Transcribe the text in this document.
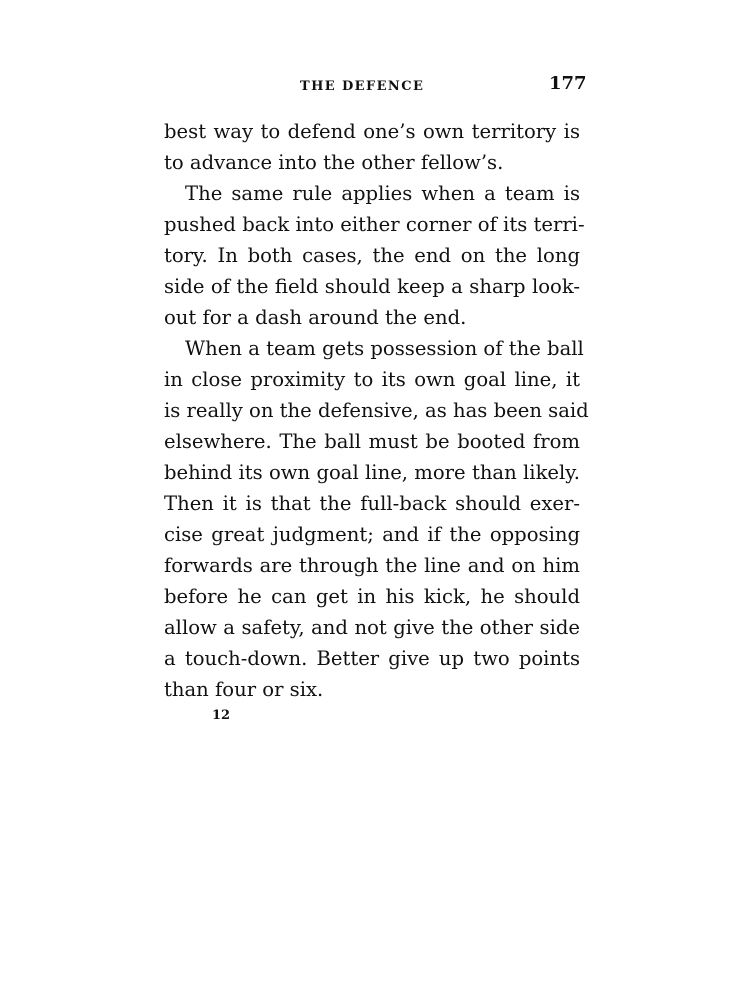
THE DEFENCE	177
best way to defend one’s own territory is
to advance into the other fellow’s.
The same rule applies when a team is
pushed back into either corner of its terri-
tory. In both cases, the end on the long
side of the field should keep a sharp look-
out for a dash around the end.
When a team gets possession of the ball
in close proximity to its own goal line, it
is really on the defensive, as has been said
elsewhere. The ball must be booted from
behind its own goal line, more than likely.
Then it is that the full-back should exer-
cise great judgment; and if the opposing
forwards are through the line and on him
before he can get in his kick, he should
allow a safety, and not give the other side
a touch-down. Better give up two points
than four or six.
12
